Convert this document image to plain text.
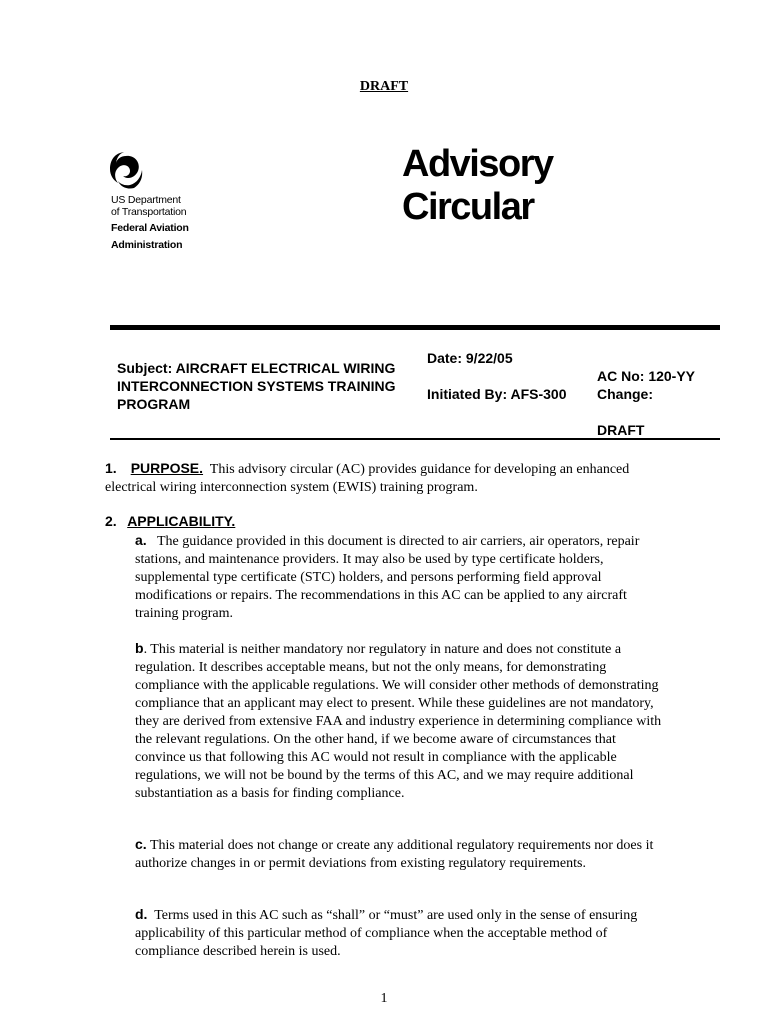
DRAFT
US Department
of Transportation
Federal Aviation
Administration
Advisory
Circular
Subject: AIRCRAFT ELECTRICAL WIRING INTERCONNECTION SYSTEMS TRAINING PROGRAM
Date: 9/22/05
Initiated By: AFS-300
AC No: 120-YY
Change:
DRAFT
1. PURPOSE. This advisory circular (AC) provides guidance for developing an enhanced electrical wiring interconnection system (EWIS) training program.
2. APPLICABILITY.
a. The guidance provided in this document is directed to air carriers, air operators, repair stations, and maintenance providers. It may also be used by type certificate holders, supplemental type certificate (STC) holders, and persons performing field approval modifications or repairs. The recommendations in this AC can be applied to any aircraft training program.
b. This material is neither mandatory nor regulatory in nature and does not constitute a regulation. It describes acceptable means, but not the only means, for demonstrating compliance with the applicable regulations. We will consider other methods of demonstrating compliance that an applicant may elect to present. While these guidelines are not mandatory, they are derived from extensive FAA and industry experience in determining compliance with the relevant regulations. On the other hand, if we become aware of circumstances that convince us that following this AC would not result in compliance with the applicable regulations, we will not be bound by the terms of this AC, and we may require additional substantiation as a basis for finding compliance.
c. This material does not change or create any additional regulatory requirements nor does it authorize changes in or permit deviations from existing regulatory requirements.
d. Terms used in this AC such as “shall” or “must” are used only in the sense of ensuring applicability of this particular method of compliance when the acceptable method of compliance described herein is used.
1
